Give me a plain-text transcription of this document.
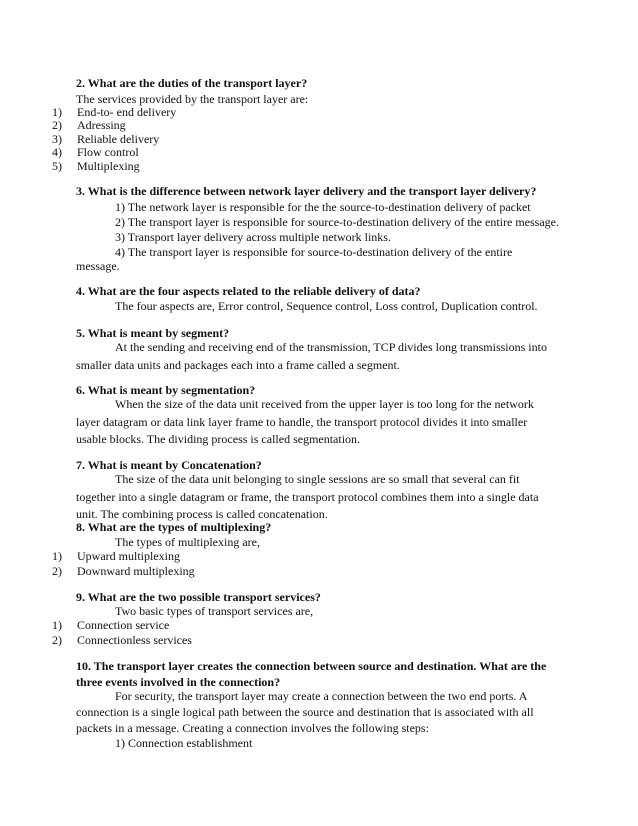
2. What are the duties of the transport layer?
The services provided by the transport layer are:
1) End-to- end delivery
2) Adressing
3) Reliable delivery
4) Flow control
5) Multiplexing
3. What is the difference between network layer delivery and the transport layer delivery?
1) The network layer is responsible for the the source-to-destination delivery of packet
2) The transport layer is responsible for source-to-destination delivery of the entire message.
3) Transport layer delivery across multiple network links.
4) The transport layer is responsible for source-to-destination delivery of the entire
message.
4. What are the four aspects related to the reliable delivery of data?
The four aspects are, Error control, Sequence control, Loss control, Duplication control.
5. What is meant by segment?
At the sending and receiving end of the transmission, TCP divides long transmissions into smaller data units and packages each into a frame called a segment.
6. What is meant by segmentation?
When the size of the data unit received from the upper layer is too long for the network layer datagram or data link layer frame to handle, the transport protocol divides it into smaller usable blocks. The dividing process is called segmentation.
7. What is meant by Concatenation?
The size of the data unit belonging to single sessions are so small that several can fit together into a single datagram or frame, the transport protocol combines them into a single data unit. The combining process is called concatenation.
8. What are the types of multiplexing?
The types of multiplexing are,
1) Upward multiplexing
2) Downward multiplexing
9. What are the two possible transport services?
Two basic types of transport services are,
1) Connection service
2) Connectionless services
10. The transport layer creates the connection between source and destination. What are the three events involved in the connection?
For security, the transport layer may create a connection between the two end ports. A connection is a single logical path between the source and destination that is associated with all packets in a message. Creating a connection involves the following steps:
1) Connection establishment
